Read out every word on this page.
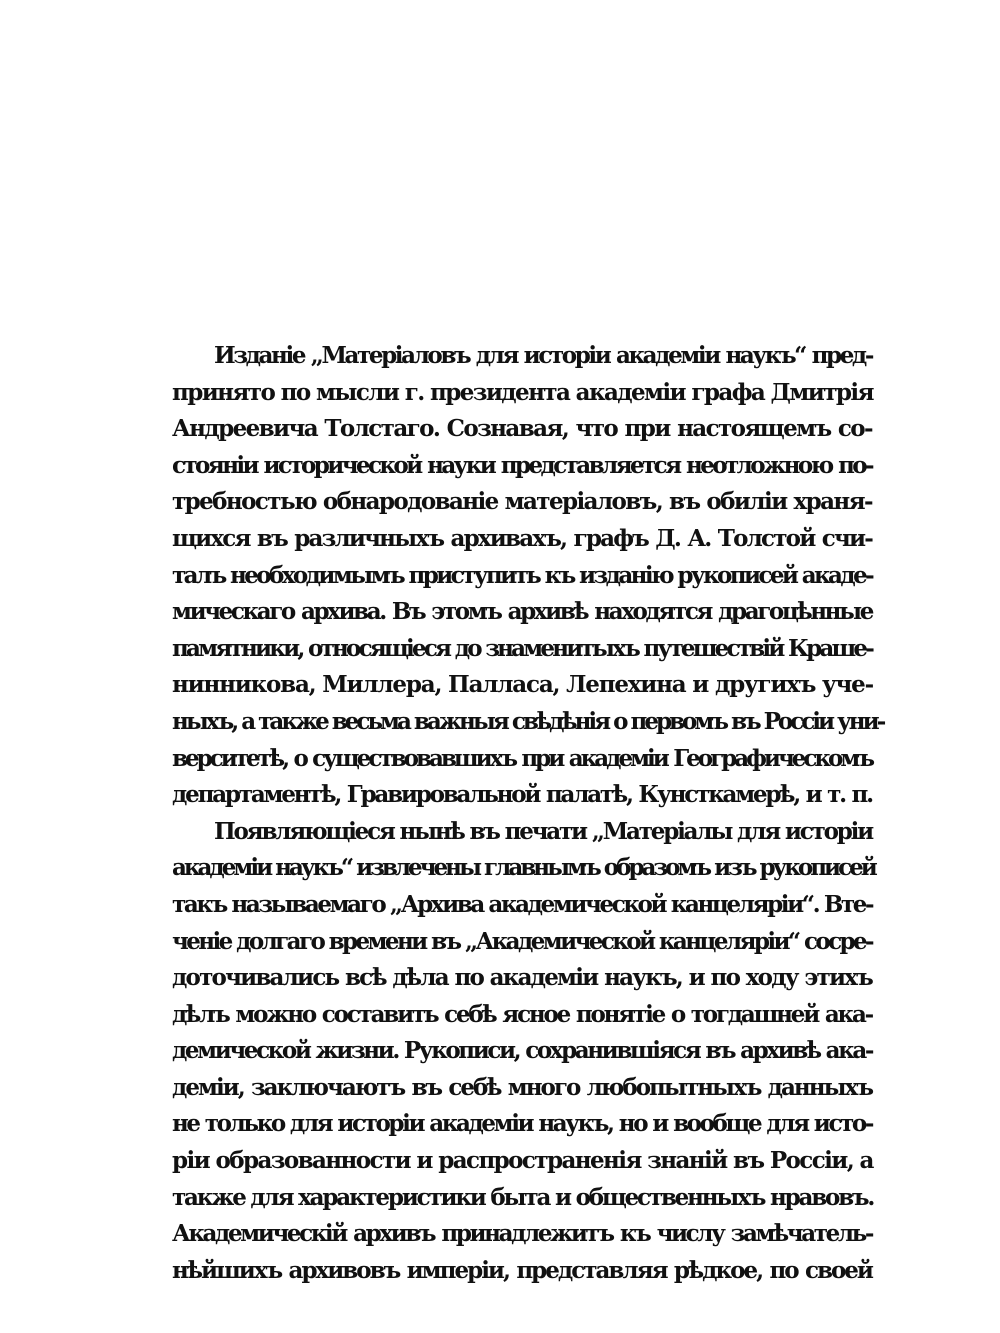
Изданіе „Матеріаловъ для исторіи академіи наукъ“ пред-
принято по мысли г. президента академіи графа Дмитрія
Андреевича Толстаго. Сознавая, что при настоящемъ со-
стояніи исторической науки представляется неотложною по-
требностью обнародованіе матеріаловъ, въ обиліи храня-
щихся въ различныхъ архивахъ, графъ Д. А. Толстой счи-
талъ необходимымъ приступить къ изданію рукописей акаде-
мическаго архива. Въ этомъ архивѣ находятся драгоцѣнные
памятники, относящіеся до знаменитыхъ путешествій Краше-
нинникова, Миллера, Палласа, Лепехина и другихъ уче-
ныхъ, а также весьма важныя свѣдѣнія о первомъ въ Россіи уни-
верситетѣ, о существовавшихъ при академіи Географическомъ
департаментѣ, Гравировальной палатѣ, Кунсткамерѣ, и т. п.
Появляющіеся нынѣ въ печати „Матеріалы для исторіи
академіи наукъ“ извлечены главнымъ образомъ изъ рукописей
такъ называемаго „Архива академической канцеляріи“. Вте-
ченіе долгаго времени въ „Академической канцеляріи“ сосре-
доточивались всѣ дѣла по академіи наукъ, и по ходу этихъ
дѣлъ можно составить себѣ ясное понятіе о тогдашней ака-
демической жизни. Рукописи, сохранившіяся въ архивѣ ака-
деміи, заключаютъ въ себѣ много любопытныхъ данныхъ
не только для исторіи академіи наукъ, но и вообще для исто-
ріи образованности и распространенія знаній въ Россіи, а
также для характеристики быта и общественныхъ нравовъ.
Академическій архивъ принадлежитъ къ числу замѣчатель-
нѣйшихъ архивовъ имперіи, представляя рѣдкое, по своей
